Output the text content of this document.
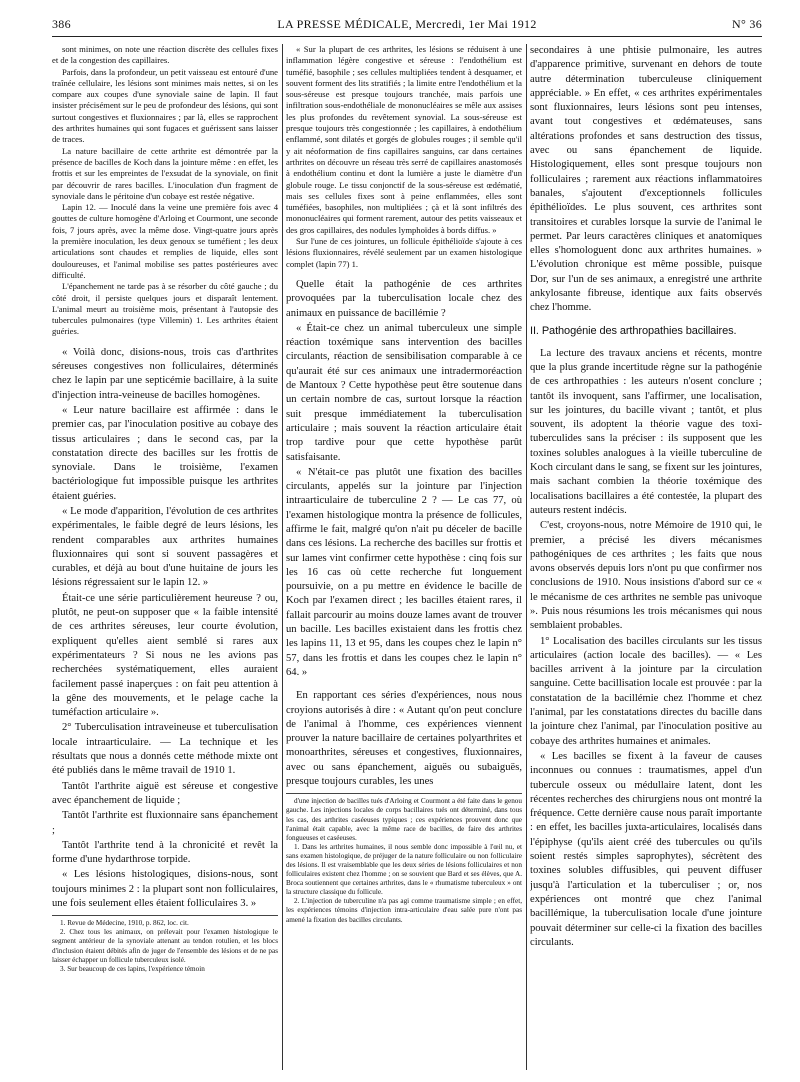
386	LA PRESSE MÉDICALE, Mercredi, 1er Mai 1912	N° 36

sont minimes, on note une réaction discrète des cellules fixes et de la congestion des capillaires.

Parfois, dans la profondeur, un petit vaisseau est entouré d'une traînée cellulaire, les lésions sont minimes mais nettes, si on les compare aux coupes d'une synoviale saine de lapin. Il faut insister précisément sur le peu de profondeur des lésions, qui sont surtout congestives et fluxionnaires ; par là, elles se rapprochent des arthrites humaines qui sont fugaces et guérissent sans laisser de traces.

La nature bacillaire de cette arthrite est démontrée par la présence de bacilles de Koch dans la jointure même : en effet, les frottis et sur les empreintes de l'exsudat de la synoviale, on finit par découvrir de rares bacilles. L'inoculation d'un fragment de synoviale dans le péritoine d'un cobaye est restée négative.

Lapin 12. — Inoculé dans la veine une première fois avec 4 gouttes de culture homogène d'Arloing et Courmont, une seconde fois, 7 jours après, avec la même dose. Vingt-quatre jours après la première inoculation, les deux genoux se tuméfient ; les deux articulations sont chaudes et remplies de liquide, elles sont douloureuses, et l'animal mobilise ses pattes postérieures avec difficulté.

L'épanchement ne tarde pas à se résorber du côté gauche ; du côté droit, il persiste quelques jours et disparaît lentement. L'animal meurt au troisième mois, présentant à l'autopsie des tubercules pulmonaires (type Villemin) 1. Les arthrites étaient guéries.

« Voilà donc, disions-nous, trois cas d'arthrites séreuses congestives non folliculaires, déterminés chez le lapin par une septicémie bacillaire, à la suite d'injection intra-veineuse de bacilles homogènes.

« Leur nature bacillaire est affirmée : dans le premier cas, par l'inoculation positive au cobaye des tissus articulaires ; dans le second cas, par la constatation directe des bacilles sur les frottis de synoviale. Dans le troisième, l'examen bactériologique fut impossible puisque les arthrites étaient guéries.

« Le mode d'apparition, l'évolution de ces arthrites expérimentales, le faible degré de leurs lésions, les rendent comparables aux arthrites humaines fluxionnaires qui sont si souvent passagères et curables, et déjà au bout d'une huitaine de jours les lésions régressaient sur le lapin 12. »

Était-ce une série particulièrement heureuse ? ou, plutôt, ne peut-on supposer que « la faible intensité de ces arthrites séreuses, leur courte évolution, expliquent qu'elles aient semblé si rares aux expérimentateurs ? Si nous ne les avions pas recherchées systématiquement, elles auraient facilement passé inaperçues : on fait peu attention à la gêne des mouvements, et le pelage cache la tuméfaction articulaire ».

2° Tuberculisation intraveineuse et tuberculisation locale intraarticulaire. — La technique et les résultats que nous a donnés cette méthode mixte ont été publiés dans le même travail de 1910 1.

Tantôt l'arthrite aiguë est séreuse et congestive avec épanchement de liquide ;

Tantôt l'arthrite est fluxionnaire sans épanchement ;

Tantôt l'arthrite tend à la chronicité et revêt la forme d'une hydarthrose torpide.

« Les lésions histologiques, disions-nous, sont toujours minimes 2 : la plupart sont non folliculaires, une fois seulement elles étaient folliculaires 3. »

1. Revue de Médecine, 1910, p. 862, loc. cit.

2. Chez tous les animaux, on prélevait pour l'examen histologique le segment antérieur de la synoviale attenant au tendon rotulien, et les blocs d'inclusion étaient débités afin de juger de l'ensemble des lésions et de ne pas laisser échapper un follicule tuberculeux isolé.

3. Sur beaucoup de ces lapins, l'expérience témoin

« Sur la plupart de ces arthrites, les lésions se réduisent à une inflammation légère congestive et séreuse : l'endothélium est tuméfié, basophile ; ses cellules multipliées tendent à desquamer, et souvent forment des lits stratifiés ; la limite entre l'endothélium et la sous-séreuse est presque toujours tranchée, mais parfois une infiltration sous-endothéliale de mononucléaires se mêle aux assises les plus profondes du revêtement synovial. La sous-séreuse est presque toujours très congestionnée ; les capillaires, à endothélium enflammé, sont dilatés et gorgés de globules rouges ; il semble qu'il y ait néoformation de fins capillaires sanguins, car dans certaines arthrites on découvre un réseau très serré de capillaires anastomosés à endothélium continu et dont la lumière a juste le diamètre d'un globule rouge. Le tissu conjonctif de la sous-séreuse est œdématié, mais ses cellules fixes sont à peine enflammées, elles sont tuméfiées, basophiles, non multipliées ; çà et là sont infiltrés des mononucléaires qui forment rarement, autour des petits vaisseaux et des gros capillaires, des nodules lymphoïdes à bords diffus. »

Sur l'une de ces jointures, un follicule épithélioïde s'ajoute à ces lésions fluxionnaires, révélé seulement par un examen histologique complet (lapin 77) 1.

Quelle était la pathogénie de ces arthrites provoquées par la tuberculisation locale chez des animaux en puissance de bacillémie ?

« Était-ce chez un animal tuberculeux une simple réaction toxémique sans intervention des bacilles circulants, réaction de sensibilisation comparable à ce qu'aurait été sur ces animaux une intradermoréaction de Mantoux ? Cette hypothèse peut être soutenue dans un certain nombre de cas, surtout lorsque la réaction suit presque immédiatement la tuberculisation articulaire ; mais souvent la réaction articulaire était trop tardive pour que cette hypothèse parût satisfaisante.

« N'était-ce pas plutôt une fixation des bacilles circulants, appelés sur la jointure par l'injection intraarticulaire de tuberculine 2 ? — Le cas 77, où l'examen histologique montra la présence de follicules, affirme le fait, malgré qu'on n'ait pu déceler de bacille dans ces lésions. La recherche des bacilles sur frottis et sur lames vint confirmer cette hypothèse : cinq fois sur les 16 cas où cette recherche fut longuement poursuivie, on a pu mettre en évidence le bacille de Koch par l'examen direct ; les bacilles étaient rares, il fallait parcourir au moins douze lames avant de trouver un bacille. Les bacilles existaient dans les frottis chez les lapins 11, 13 et 95, dans les coupes chez le lapin n° 57, dans les frottis et dans les coupes chez le lapin n° 64. »

En rapportant ces séries d'expériences, nous nous croyions autorisés à dire : « Autant qu'on peut conclure de l'animal à l'homme, ces expériences viennent prouver la nature bacillaire de certaines polyarthrites et monoarthrites, séreuses et congestives, fluxionnaires, avec ou sans épanchement, aiguës ou subaiguës, presque toujours curables, les unes

d'une injection de bacilles tués d'Arloing et Courmont a été faite dans le genou gauche. Les injections locales de corps bacillaires tués ont déterminé, dans tous les cas, des arthrites caséeuses typiques ; ces expériences prouvent donc que l'animal était capable, avec la même race de bacilles, de faire des arthrites fongueuses et caséeuses.

1. Dans les arthrites humaines, il nous semble donc impossible à l'œil nu, et sans examen histologique, de préjuger de la nature folliculaire ou non folliculaire des lésions. Il est vraisemblable que les deux séries de lésions folliculaires et non folliculaires existent chez l'homme ; on se souvient que Bard et ses élèves, que A. Broca soutiennent que certaines arthrites, dans le « rhumatisme tuberculeux » ont la structure classique du follicule.

2. L'injection de tuberculine n'a pas agi comme traumatisme simple ; en effet, les expériences témoins d'injection intra-articulaire d'eau salée pure n'ont pas amené la fixation des bacilles circulants.

secondaires à une phtisie pulmonaire, les autres d'apparence primitive, survenant en dehors de toute autre détermination tuberculeuse cliniquement appréciable. » En effet, « ces arthrites expérimentales sont fluxionnaires, leurs lésions sont peu intenses, avant tout congestives et œdémateuses, sans altérations profondes et sans destruction des tissus, avec ou sans épanchement de liquide. Histologiquement, elles sont presque toujours non folliculaires ; rarement aux réactions inflammatoires banales, s'ajoutent d'exceptionnels follicules épithélioïdes. Le plus souvent, ces arthrites sont transitoires et curables lorsque la survie de l'animal le permet. Par leurs caractères cliniques et anatomiques elles s'homologuent donc aux arthrites humaines. » L'évolution chronique est même possible, puisque Dor, sur l'un de ses animaux, a enregistré une arthrite ankylosante fibreuse, identique aux faits observés chez l'homme.

II. Pathogénie des arthropathies bacillaires.

La lecture des travaux anciens et récents, montre que la plus grande incertitude règne sur la pathogénie de ces arthropathies : les auteurs n'osent conclure ; tantôt ils invoquent, sans l'affirmer, une localisation, sur les jointures, du bacille vivant ; tantôt, et plus souvent, ils adoptent la théorie vague des toxi-tuberculides sans la préciser : ils supposent que les toxines solubles analogues à la vieille tuberculine de Koch circulant dans le sang, se fixent sur les jointures, mais sachant combien la théorie toxémique des localisations bacillaires a été contestée, la plupart des auteurs restent indécis.

C'est, croyons-nous, notre Mémoire de 1910 qui, le premier, a précisé les divers mécanismes pathogéniques de ces arthrites ; les faits que nous avons observés depuis lors n'ont pu que confirmer nos conclusions de 1910. Nous insistions d'abord sur ce « le mécanisme de ces arthrites ne semble pas univoque ». Puis nous résumions les trois mécanismes qui nous semblaient probables.

1° Localisation des bacilles circulants sur les tissus articulaires (action locale des bacilles). — « Les bacilles arrivent à la jointure par la circulation sanguine. Cette bacillisation locale est prouvée : par la constatation de la bacillémie chez l'homme et chez l'animal, par les constatations directes du bacille dans la jointure chez l'animal, par l'inoculation positive au cobaye des arthrites humaines et animales.

« Les bacilles se fixent à la faveur de causes inconnues ou connues : traumatismes, appel d'un tubercule osseux ou médullaire latent, dont les récentes recherches des chirurgiens nous ont montré la fréquence. Cette dernière cause nous paraît importante : en effet, les bacilles juxta-articulaires, localisés dans l'épiphyse (qu'ils aient créé des tubercules ou qu'ils soient restés simples saprophytes), sécrètent des toxines solubles diffusibles, qui peuvent diffuser jusqu'à l'articulation et la tuberculiser ; or, nos expériences ont montré que chez l'animal bacillémique, la tuberculisation locale d'une jointure pouvait déterminer sur celle-ci la fixation des bacilles circulants.
